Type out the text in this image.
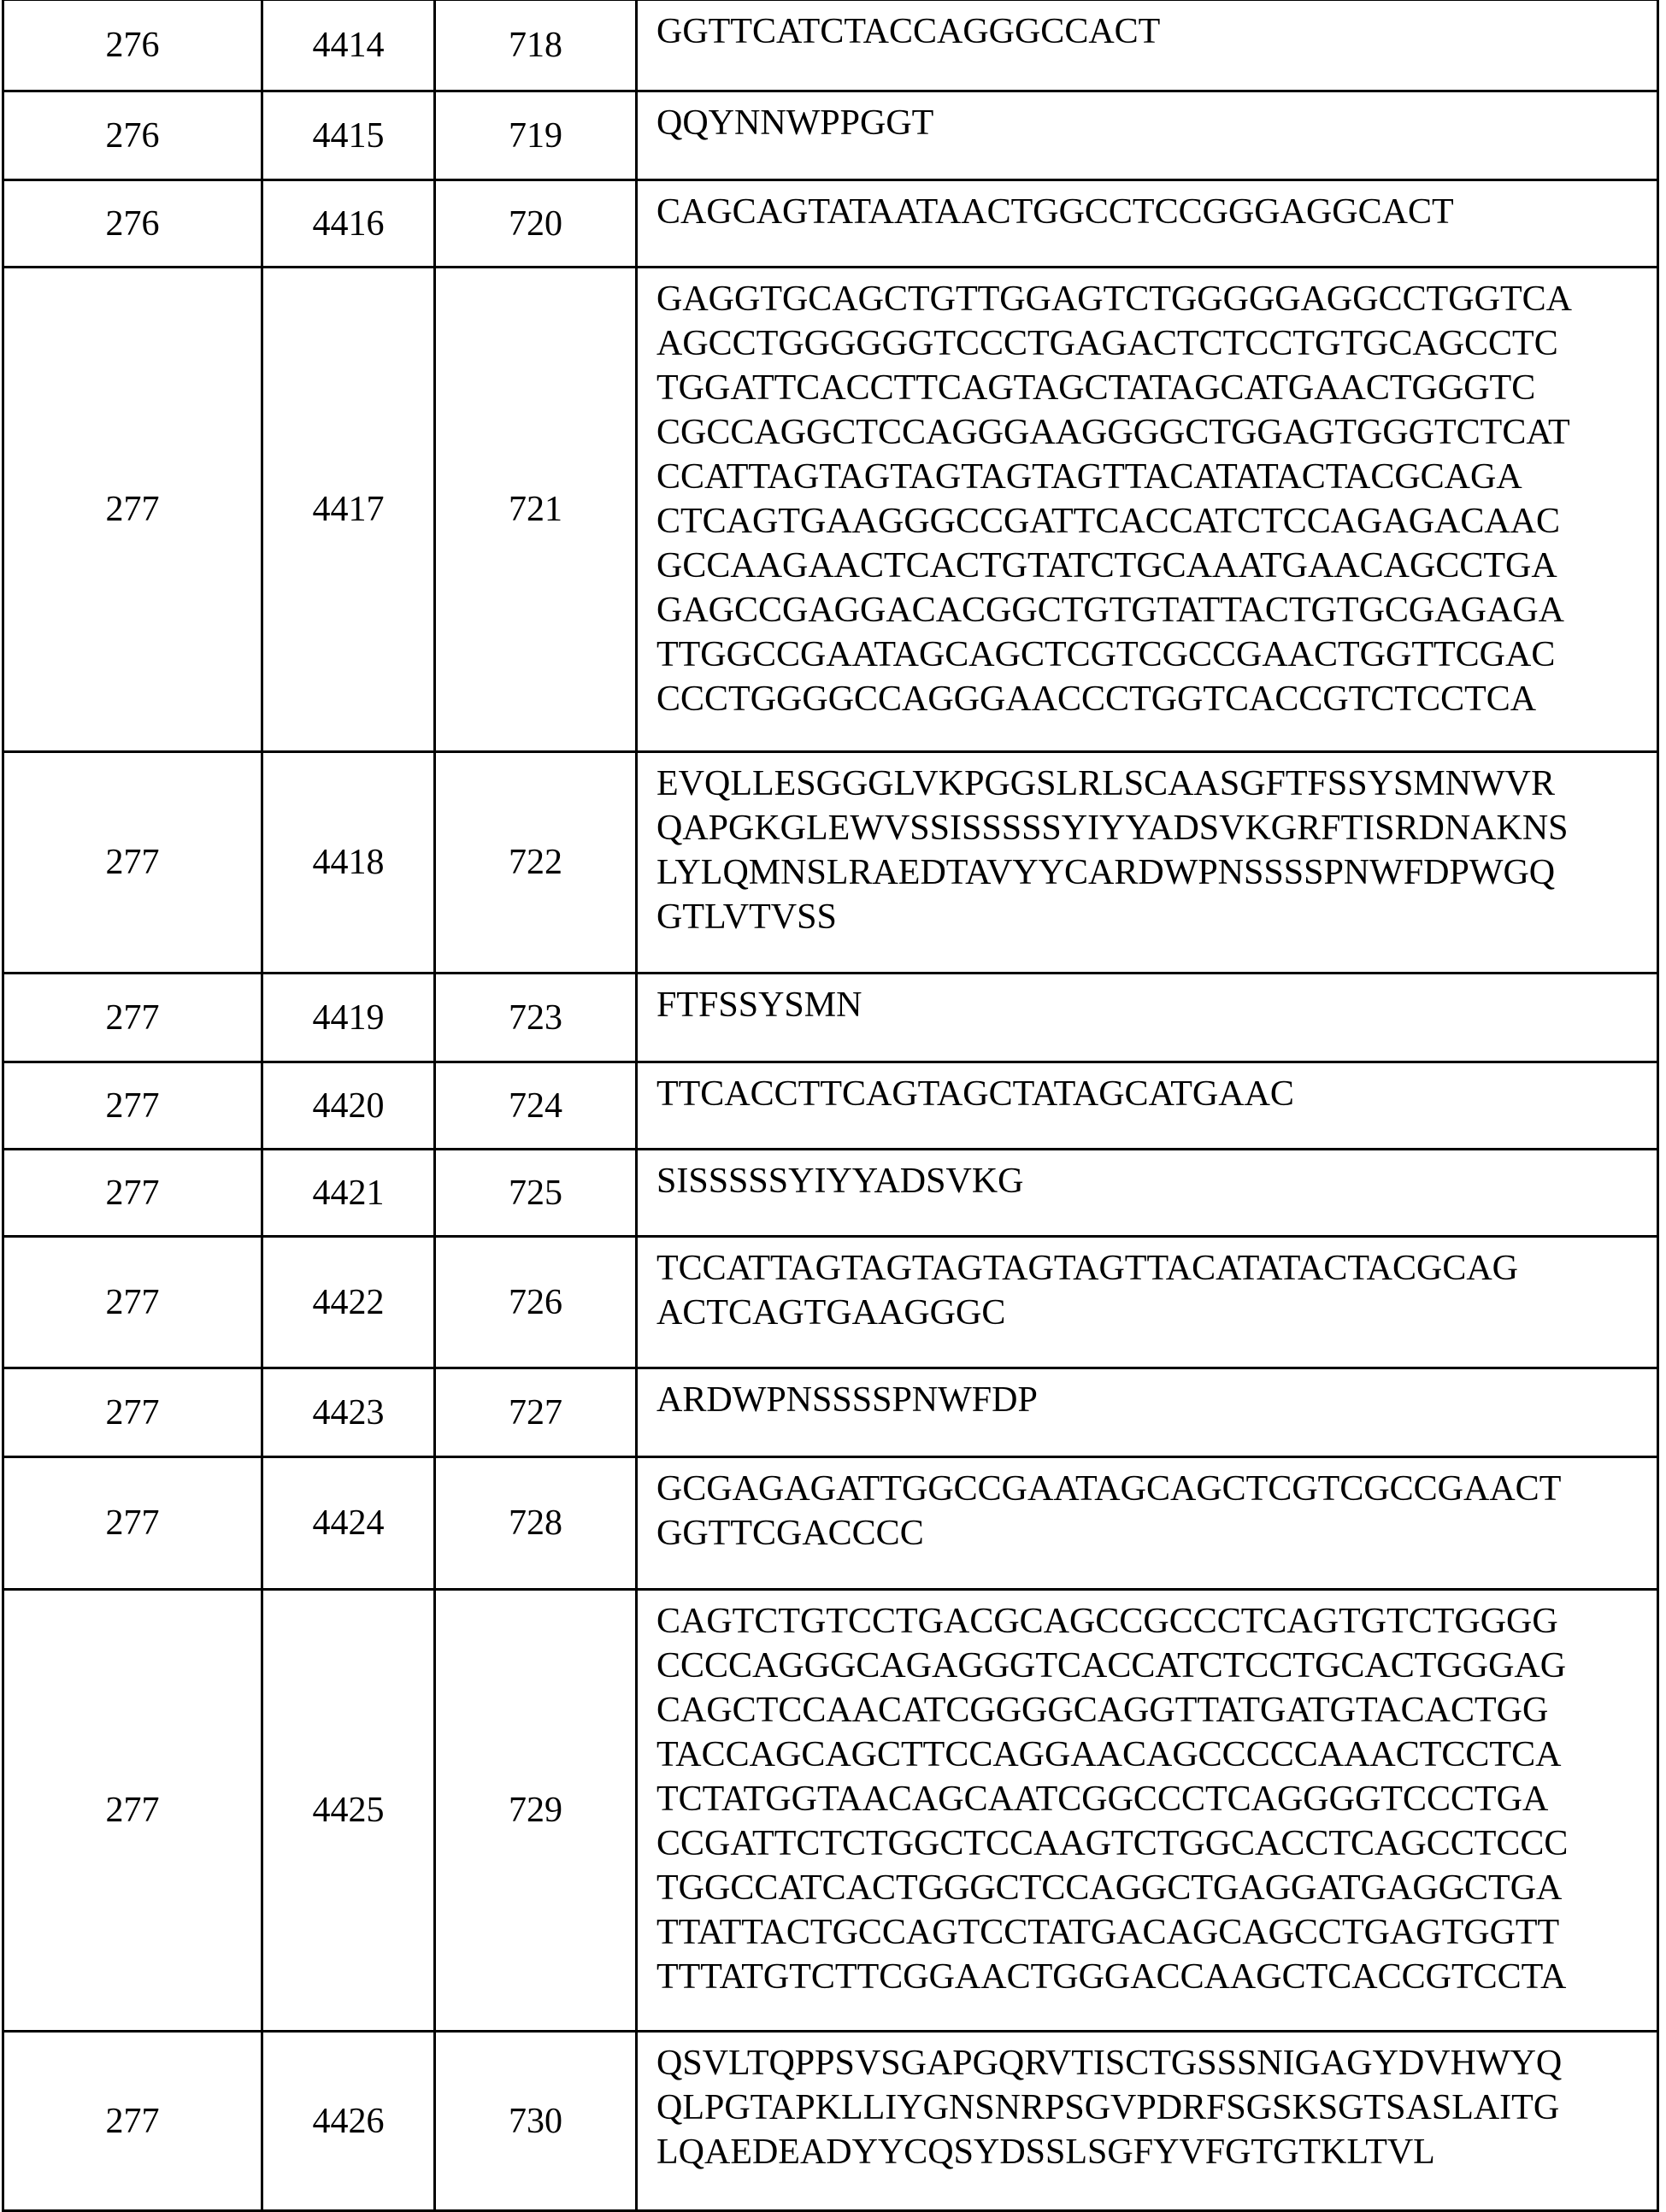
276	4414	718	GGTTCATCTACCAGGGCCACT
276	4415	719	QQYNNWPPGGT
276	4416	720	CAGCAGTATAATAACTGGCCTCCGGGAGGCACT
277	4417	721	GAGGTGCAGCTGTTGGAGTCTGGGGGAGGCCTGGTCA
AGCCTGGGGGGTCCCTGAGACTCTCCTGTGCAGCCTC
TGGATTCACCTTCAGTAGCTATAGCATGAACTGGGTC
CGCCAGGCTCCAGGGAAGGGGCTGGAGTGGGTCTCAT
CCATTAGTAGTAGTAGTAGTTACATATACTACGCAGA
CTCAGTGAAGGGCCGATTCACCATCTCCAGAGACAAC
GCCAAGAACTCACTGTATCTGCAAATGAACAGCCTGA
GAGCCGAGGACACGGCTGTGTATTACTGTGCGAGAGA
TTGGCCGAATAGCAGCTCGTCGCCGAACTGGTTCGAC
CCCTGGGGCCAGGGAACCCTGGTCACCGTCTCCTCA
277	4418	722	EVQLLESGGGLVKPGGSLRLSCAASGFTFSSYSMNWVR
QAPGKGLEWVSSISSSSSYIYYADSVKGRFTISRDNAKNS
LYLQMNSLRAEDTAVYYCARDWPNSSSSPNWFDPWGQ
GTLVTVSS
277	4419	723	FTFSSYSMN
277	4420	724	TTCACCTTCAGTAGCTATAGCATGAAC
277	4421	725	SISSSSSYIYYADSVKG
277	4422	726	TCCATTAGTAGTAGTAGTAGTTACATATACTACGCAG
ACTCAGTGAAGGGC
277	4423	727	ARDWPNSSSSPNWFDP
277	4424	728	GCGAGAGATTGGCCGAATAGCAGCTCGTCGCCGAACT
GGTTCGACCCC
277	4425	729	CAGTCTGTCCTGACGCAGCCGCCCTCAGTGTCTGGGG
CCCCAGGGCAGAGGGTCACCATCTCCTGCACTGGGAG
CAGCTCCAACATCGGGGCAGGTTATGATGTACACTGG
TACCAGCAGCTTCCAGGAACAGCCCCCAAACTCCTCA
TCTATGGTAACAGCAATCGGCCCTCAGGGGTCCCTGA
CCGATTCTCTGGCTCCAAGTCTGGCACCTCAGCCTCCC
TGGCCATCACTGGGCTCCAGGCTGAGGATGAGGCTGA
TTATTACTGCCAGTCCTATGACAGCAGCCTGAGTGGTT
TTTATGTCTTCGGAACTGGGACCAAGCTCACCGTCCTA
277	4426	730	QSVLTQPPSVSGAPGQRVTISCTGSSSNIGAGYDVHWYQ
QLPGTAPKLLIYGNSNRPSGVPDRFSGSKSGTSASLAITG
LQAEDEADYYCQSYDSSLSGFYVFGTGTKLTVL
